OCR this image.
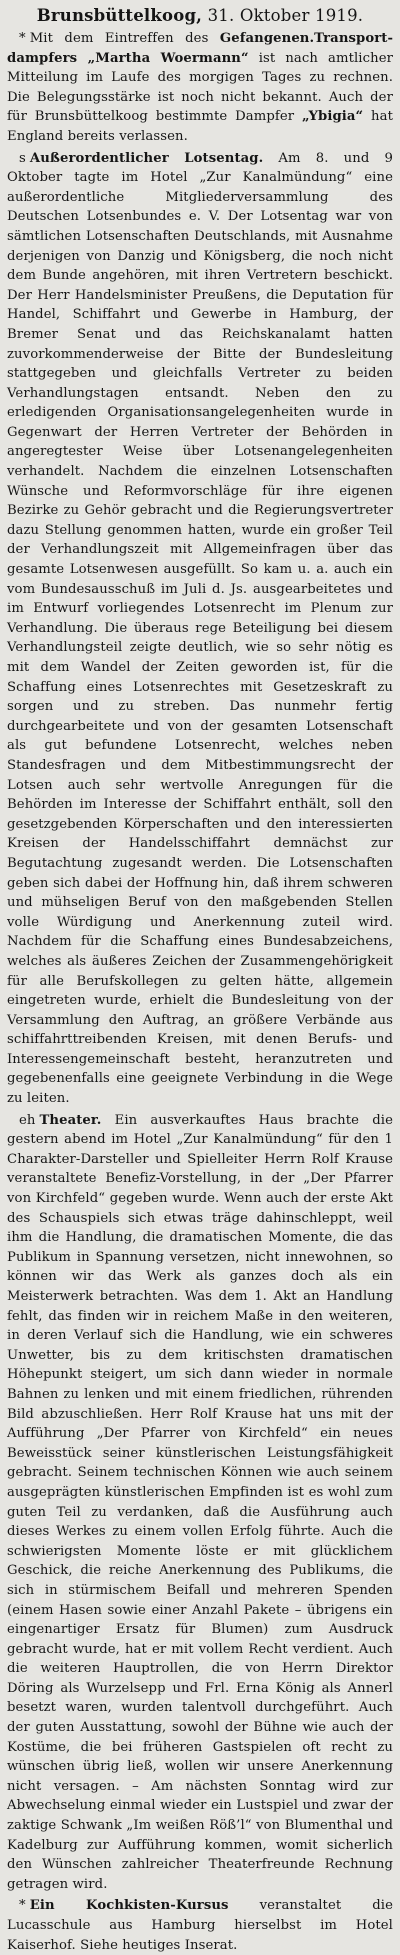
Brunsbüttelkoog, 31. Oktober 1919.

* Mit dem Eintreffen des Gefangenen.Transportdampfers „Martha Woermann“ ist nach amtlicher Mitteilung im Laufe des morgigen Tages zu rechnen. Die Belegungsstärke ist noch nicht bekannt. Auch der für Brunsbüttelkoog bestimmte Dampfer „Ybigia“ hat England bereits verlassen.

s Außerordentlicher Lotsentag. Am 8. und 9 Oktober tagte im Hotel „Zur Kanalmündung“ eine außerordentliche Mitgliederversammlung des Deutschen Lotsenbundes e. V. Der Lotsentag war von sämtlichen Lotsenschaften Deutschlands, mit Ausnahme derjenigen von Danzig und Königsberg, die noch nicht dem Bunde angehören, mit ihren Vertretern beschickt. Der Herr Handelsminister Preußens, die Deputation für Handel, Schiffahrt und Gewerbe in Hamburg, der Bremer Senat und das Reichskanalamt hatten zuvorkommenderweise der Bitte der Bundesleitung stattgegeben und gleichfalls Vertreter zu beiden Verhandlungstagen entsandt. Neben den zu erledigenden Organisationsangelegenheiten wurde in Gegenwart der Herren Vertreter der Behörden in angeregtester Weise über Lotsenangelegenheiten verhandelt. Nachdem die einzelnen Lotsenschaften Wünsche und Reformvorschläge für ihre eigenen Bezirke zu Gehör gebracht und die Regierungsvertreter dazu Stellung genommen hatten, wurde ein großer Teil der Verhandlungszeit mit Allgemeinfragen über das gesamte Lotsenwesen ausgefüllt. So kam u. a. auch ein vom Bundesausschuß im Juli d. Js. ausgearbeitetes und im Entwurf vorliegendes Lotsenrecht im Plenum zur Verhandlung. Die überaus rege Beteiligung bei diesem Verhandlungsteil zeigte deutlich, wie so sehr nötig es mit dem Wandel der Zeiten geworden ist, für die Schaffung eines Lotsenrechtes mit Gesetzeskraft zu sorgen und zu streben. Das nunmehr fertig durchgearbeitete und von der gesamten Lotsenschaft als gut befundene Lotsenrecht, welches neben Standesfragen und dem Mitbestimmungsrecht der Lotsen auch sehr wertvolle Anregungen für die Behörden im Interesse der Schiffahrt enthält, soll den gesetzgebenden Körperschaften und den interessierten Kreisen der Handelsschiffahrt demnächst zur Begutachtung zugesandt werden. Die Lotsenschaften geben sich dabei der Hoffnung hin, daß ihrem schweren und mühseligen Beruf von den maßgebenden Stellen volle Würdigung und Anerkennung zuteil wird. Nachdem für die Schaffung eines Bundesabzeichens, welches als äußeres Zeichen der Zusammengehörigkeit für alle Berufskollegen zu gelten hätte, allgemein eingetreten wurde, erhielt die Bundesleitung von der Versammlung den Auftrag, an größere Verbände aus schiffahrttreibenden Kreisen, mit denen Berufs- und Interessengemeinschaft besteht, heranzutreten und gegebenenfalls eine geeignete Verbindung in die Wege zu leiten.

eh Theater. Ein ausverkauftes Haus brachte die gestern abend im Hotel „Zur Kanalmündung“ für den 1 Charakter-Darsteller und Spielleiter Herrn Rolf Krause veranstaltete Benefiz-Vorstellung, in der „Der Pfarrer von Kirchfeld“ gegeben wurde. Wenn auch der erste Akt des Schauspiels sich etwas träge dahinschleppt, weil ihm die Handlung, die dramatischen Momente, die das Publikum in Spannung versetzen, nicht innewohnen, so können wir das Werk als ganzes doch als ein Meisterwerk betrachten. Was dem 1. Akt an Handlung fehlt, das finden wir in reichem Maße in den weiteren, in deren Verlauf sich die Handlung, wie ein schweres Unwetter, bis zu dem kritischsten dramatischen Höhepunkt steigert, um sich dann wieder in normale Bahnen zu lenken und mit einem friedlichen, rührenden Bild abzuschließen. Herr Rolf Krause hat uns mit der Aufführung „Der Pfarrer von Kirchfeld“ ein neues Beweisstück seiner künstlerischen Leistungsfähigkeit gebracht. Seinem technischen Können wie auch seinem ausgeprägten künstlerischen Empfinden ist es wohl zum guten Teil zu verdanken, daß die Ausführung auch dieses Werkes zu einem vollen Erfolg führte. Auch die schwierigsten Momente löste er mit glücklichem Geschick, die reiche Anerkennung des Publikums, die sich in stürmischem Beifall und mehreren Spenden (einem Hasen sowie einer Anzahl Pakete – übrigens ein eingenartiger Ersatz für Blumen) zum Ausdruck gebracht wurde, hat er mit vollem Recht verdient. Auch die weiteren Hauptrollen, die von Herrn Direktor Döring als Wurzelsepp und Frl. Erna König als Annerl besetzt waren, wurden talentvoll durchgeführt. Auch der guten Ausstattung, sowohl der Bühne wie auch der Kostüme, die bei früheren Gastspielen oft recht zu wünschen übrig ließ, wollen wir unsere Anerkennung nicht versagen. – Am nächsten Sonntag wird zur Abwechselung einmal wieder ein Lustspiel und zwar der zaktige Schwank „Im weißen Röß’l“ von Blumenthal und Kadelburg zur Aufführung kommen, womit sicherlich den Wünschen zahlreicher Theaterfreunde Rechnung getragen wird.

* Ein Kochkisten-Kursus veranstaltet die Lucasschule aus Hamburg hierselbst im Hotel Kaiserhof. Siehe heutiges Inserat.
